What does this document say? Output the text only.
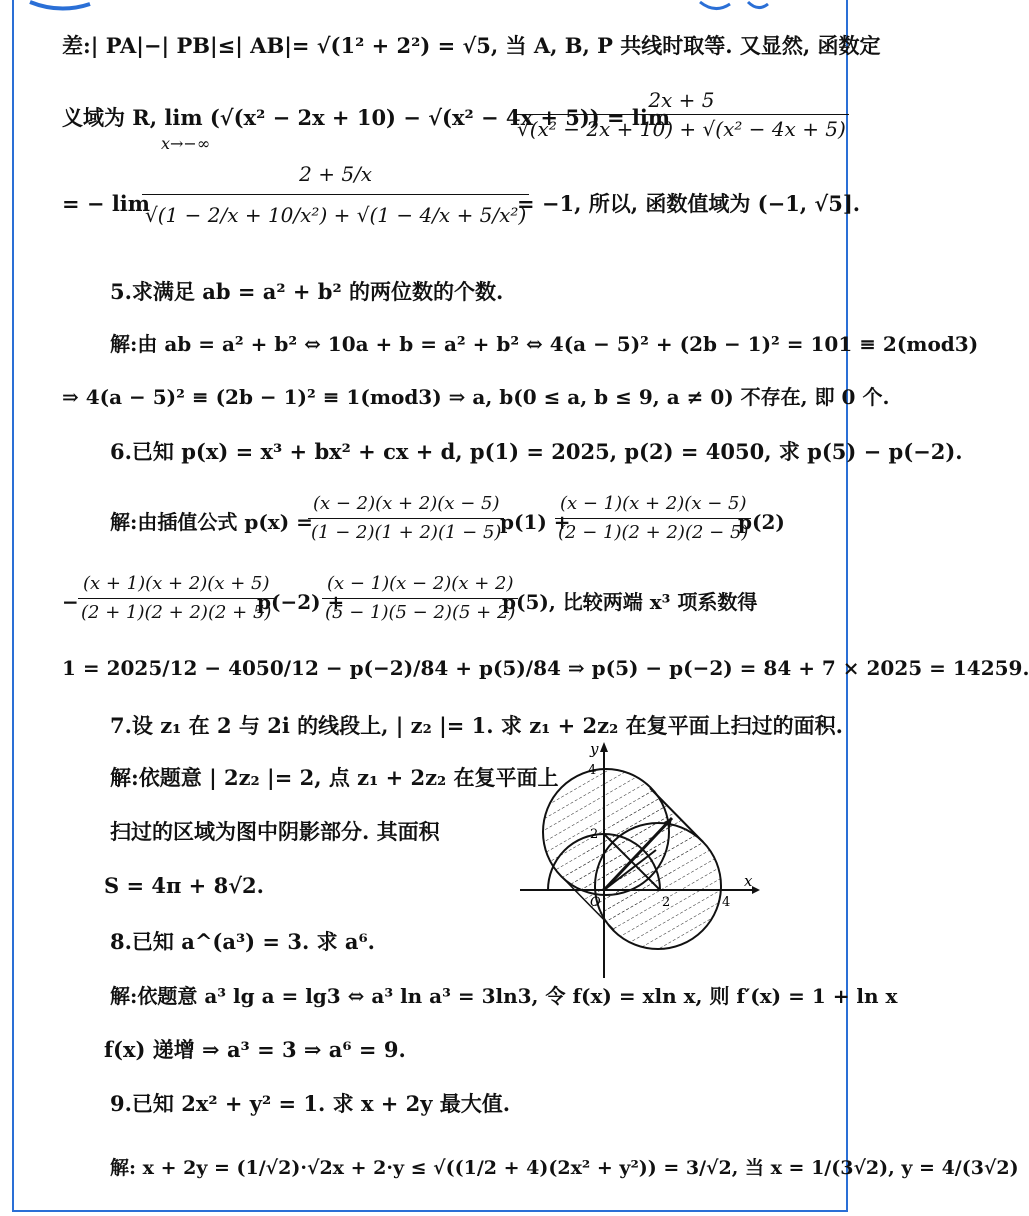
差:| PA|−| PB|≤| AB|= √(1² + 2²) = √5, 当 A, B, P 共线时取等. 又显然, 函数定
义域为 R, lim (√(x² − 2x + 10) − √(x² − 4x + 5)) = lim
x→−∞
$\frac{2x + 5}{\text{√(x² − 2x + 10) + √(x² − 4x + 5)}}$
= − lim
$\frac{2 + 5/x}{\text{√(1 − 2/x + 10/x²) + √(1 − 4/x + 5/x²)}}$
= −1, 所以, 函数值域为 (−1, √5].
5.求满足 ab = a² + b² 的两位数的个数.
解:由 ab = a² + b² ⇔ 10a + b = a² + b² ⇔ 4(a − 5)² + (2b − 1)² = 101 ≡ 2(mod3)
⇒ 4(a − 5)² ≡ (2b − 1)² ≡ 1(mod3) ⇒ a, b(0 ≤ a, b ≤ 9, a ≠ 0) 不存在, 即 0 个.
6.已知 p(x) = x³ + bx² + cx + d, p(1) = 2025, p(2) = 4050, 求 p(5) − p(−2).
解:由插值公式 p(x) =
$\frac{(x - 2)(x + 2)(x - 5)}{(1 - 2)(1 + 2)(1 - 5)}$
p(1) +
$\frac{(x - 1)(x + 2)(x - 5)}{(2 - 1)(2 + 2)(2 - 5)}$
p(2)
− $\frac{(x + 1)(x + 2)(x + 5)}{(2 + 1)(2 + 2)(2 + 5)}$
p(−2) +
$\frac{(x - 1)(x - 2)(x + 2)}{(5 - 1)(5 - 2)(5 + 2)}$
p(5), 比较两端 x³ 项系数得
1 = 2025/12 − 4050/12 − p(−2)/84 + p(5)/84 ⇒ p(5) − p(−2) = 84 + 7 × 2025 = 14259.
7.设 z₁ 在 2 与 2i 的线段上, | z₂ |= 1. 求 z₁ + 2z₂ 在复平面上扫过的面积.
解:依题意 | 2z₂ |= 2, 点 z₁ + 2z₂ 在复平面上
扫过的区域为图中阴影部分. 其面积
S = 4π + 8√2.
y
x
4
2
O	2	4
8.已知 a^(a³) = 3. 求 a⁶.
解:依题意 a³ lg a = lg3 ⇔ a³ ln a³ = 3ln3, 令 f(x) = xln x, 则 f′(x) = 1 + ln x
f(x) 递增 ⇒ a³ = 3 ⇒ a⁶ = 9.
9.已知 2x² + y² = 1. 求 x + 2y 最大值.
解: x + 2y = (1/√2)·√2x + 2·y ≤ √((1/2 + 4)(2x² + y²)) = 3/√2, 当 x = 1/(3√2), y = 4/(3√2)
